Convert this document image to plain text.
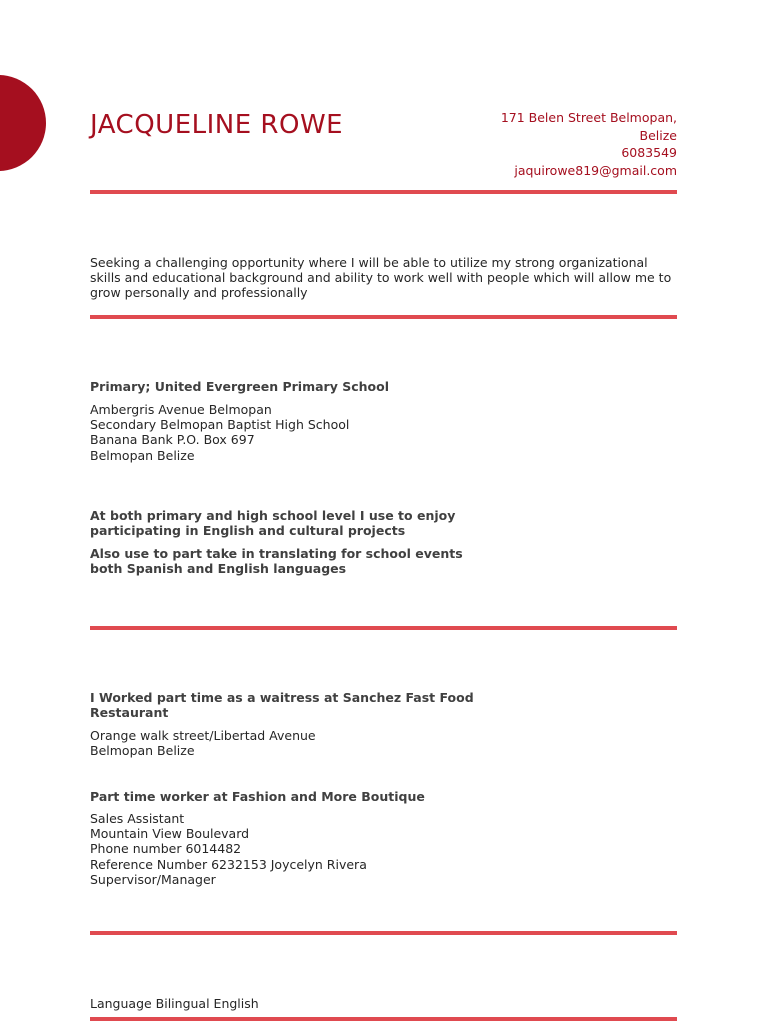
JACQUELINE ROWE	171 Belen Street Belmopan,
Belize
6083549
jaquirowe819@gmail.com
Seeking a challenging opportunity where I will be able to utilize my strong organizational
skills and educational background and ability to work well with people which will allow me to
grow personally and professionally
Primary; United Evergreen Primary School
Ambergris Avenue Belmopan
Secondary Belmopan Baptist High School
Banana Bank P.O. Box 697
Belmopan Belize
At both primary and high school level I use to enjoy
participating in English and cultural projects
Also use to part take in translating for school events
both Spanish and English languages
I Worked part time as a waitress at Sanchez Fast Food
Restaurant
Orange walk street/Libertad Avenue
Belmopan Belize
Part time worker at Fashion and More Boutique
Sales Assistant
Mountain View Boulevard
Phone number 6014482
Reference Number 6232153 Joycelyn Rivera
Supervisor/Manager
Language Bilingual English
